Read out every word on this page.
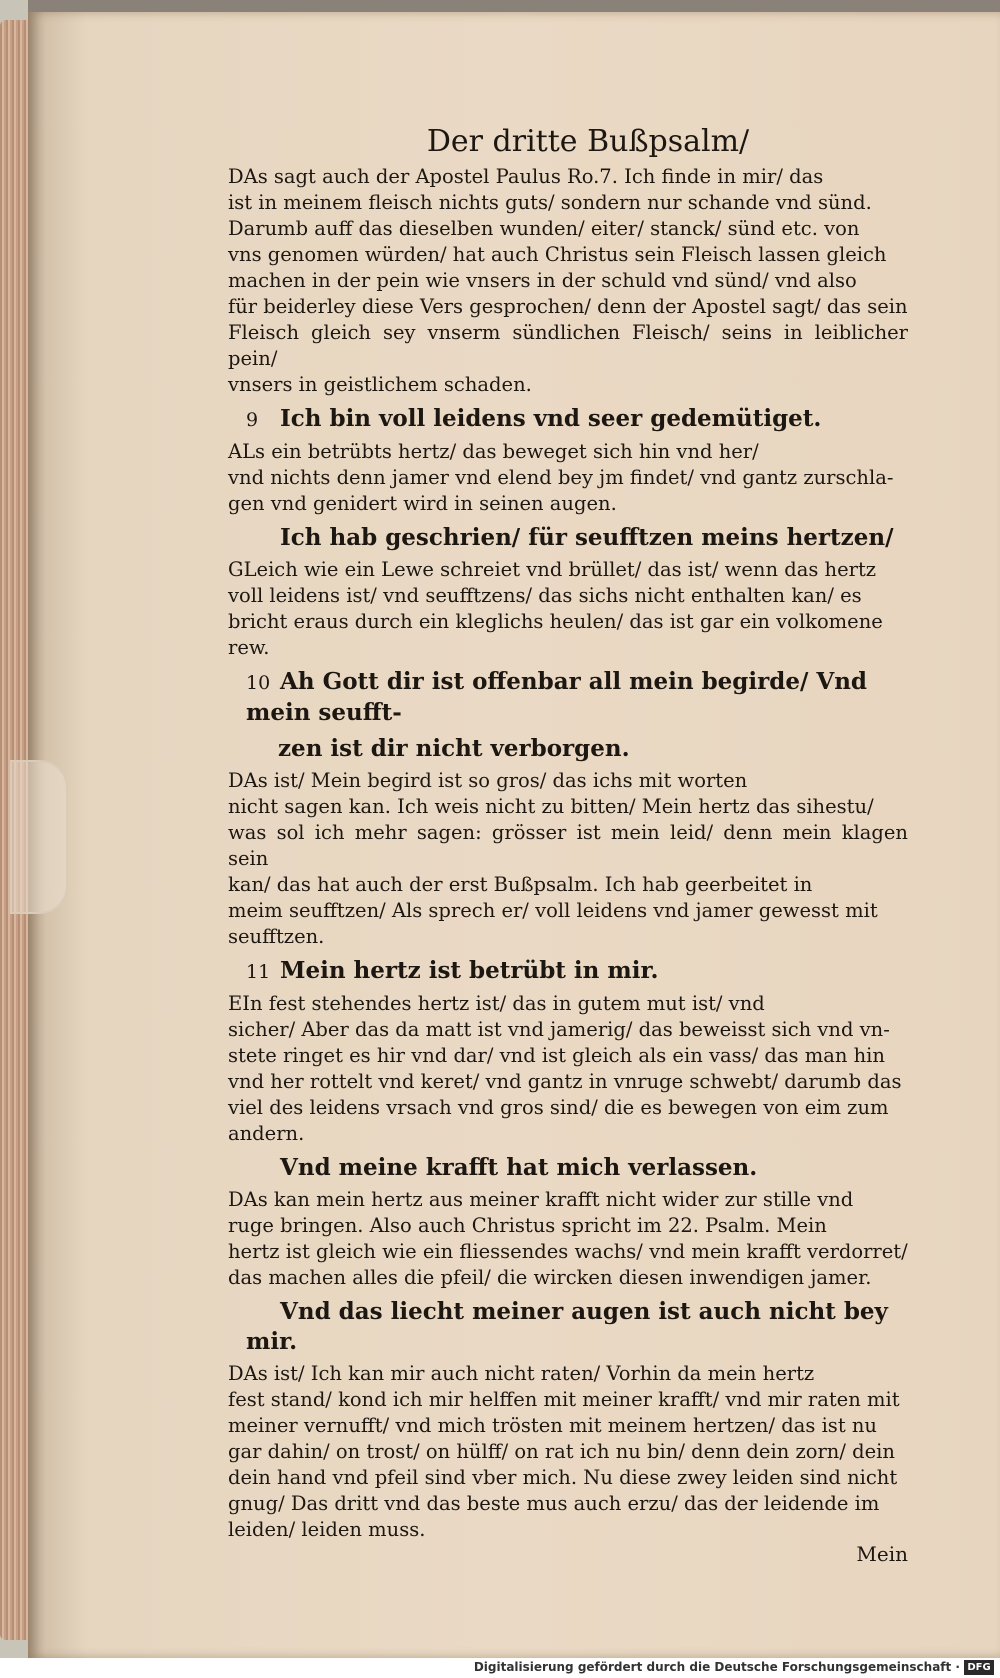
Der dritte Bußpsalm/
DAs sagt auch der Apostel Paulus Ro.7. Ich finde in mir/ das
ist in meinem fleisch nichts guts/ sondern nur schande vnd sünd.
Darumb auff das dieselben wunden/ eiter/ stanck/ sünd etc. von
vns genomen würden/ hat auch Christus sein Fleisch lassen gleich
machen in der pein wie vnsers in der schuld vnd sünd/ vnd also
für beiderley diese Vers gesprochen/ denn der Apostel sagt/ das sein
Fleisch gleich sey vnserm sündlichen Fleisch/ seins in leiblicher pein/
vnsers in geistlichem schaden.
9 Ich bin voll leidens vnd seer gedemütiget.
ALs ein betrübts hertz/ das beweget sich hin vnd her/
vnd nichts denn jamer vnd elend bey jm findet/ vnd gantz zurschla-
gen vnd genidert wird in seinen augen.
Ich hab geschrien/ für seufftzen meins hertzen/
GLeich wie ein Lewe schreiet vnd brüllet/ das ist/ wenn das hertz
voll leidens ist/ vnd seufftzens/ das sichs nicht enthalten kan/ es
bricht eraus durch ein kleglichs heulen/ das ist gar ein volkomene
rew.
10 Ah Gott dir ist offenbar all mein begirde/ Vnd mein seufft-
zen ist dir nicht verborgen.
DAs ist/ Mein begird ist so gros/ das ichs mit worten
nicht sagen kan. Ich weis nicht zu bitten/ Mein hertz das sihestu/
was sol ich mehr sagen: grösser ist mein leid/ denn mein klagen sein
kan/ das hat auch der erst Bußpsalm. Ich hab geerbeitet in
meim seufftzen/ Als sprech er/ voll leidens vnd jamer gewesst mit
seufftzen.
11 Mein hertz ist betrübt in mir.
EIn fest stehendes hertz ist/ das in gutem mut ist/ vnd
sicher/ Aber das da matt ist vnd jamerig/ das beweisst sich vnd vn-
stete ringet es hir vnd dar/ vnd ist gleich als ein vass/ das man hin
vnd her rottelt vnd keret/ vnd gantz in vnruge schwebt/ darumb das
viel des leidens vrsach vnd gros sind/ die es bewegen von eim zum
andern.
Vnd meine krafft hat mich verlassen.
DAs kan mein hertz aus meiner krafft nicht wider zur stille vnd
ruge bringen. Also auch Christus spricht im 22. Psalm. Mein
hertz ist gleich wie ein fliessendes wachs/ vnd mein krafft verdorret/
das machen alles die pfeil/ die wircken diesen inwendigen jamer.
Vnd das liecht meiner augen ist auch nicht bey mir.
DAs ist/ Ich kan mir auch nicht raten/ Vorhin da mein hertz
fest stand/ kond ich mir helffen mit meiner krafft/ vnd mir raten mit
meiner vernufft/ vnd mich trösten mit meinem hertzen/ das ist nu
gar dahin/ on trost/ on hülff/ on rat ich nu bin/ denn dein zorn/ dein
dein hand vnd pfeil sind vber mich. Nu diese zwey leiden sind nicht
gnug/ Das dritt vnd das beste mus auch erzu/ das der leidende im
leiden/ leiden muss.
Mein
Digitalisierung gefördert durch die Deutsche Forschungsgemeinschaft · DFG
